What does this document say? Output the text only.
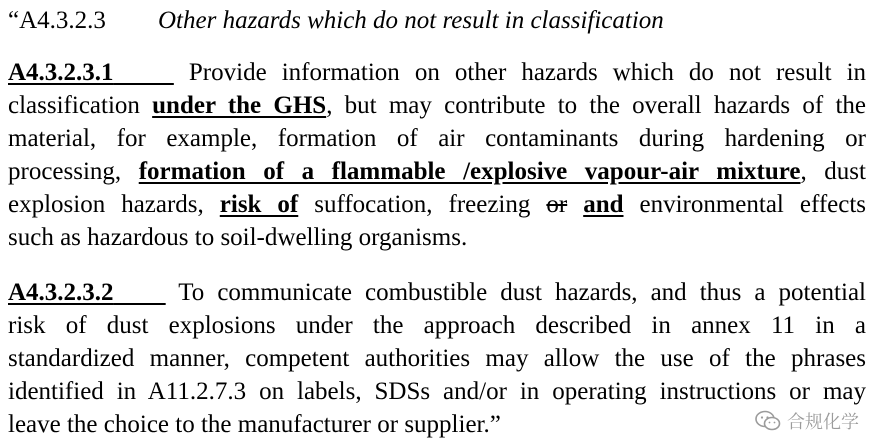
“A4.3.2.3 Other hazards which do not result in classification
A4.3.2.3.1	Provide information on other hazards which do not result in
classification under the GHS, but may contribute to the overall hazards of the
material, for example, formation of air contaminants during hardening or
processing, formation of a flammable /explosive vapour-air mixture, dust
explosion hazards, risk of suffocation, freezing or and environmental effects
such as hazardous to soil-dwelling organisms.
A4.3.2.3.2	To communicate combustible dust hazards, and thus a potential
risk of dust explosions under the approach described in annex 11 in a
standardized manner, competent authorities may allow the use of the phrases
identified in A11.2.7.3 on labels, SDSs and/or in operating instructions or may
leave the choice to the manufacturer or supplier.”	合规化学
